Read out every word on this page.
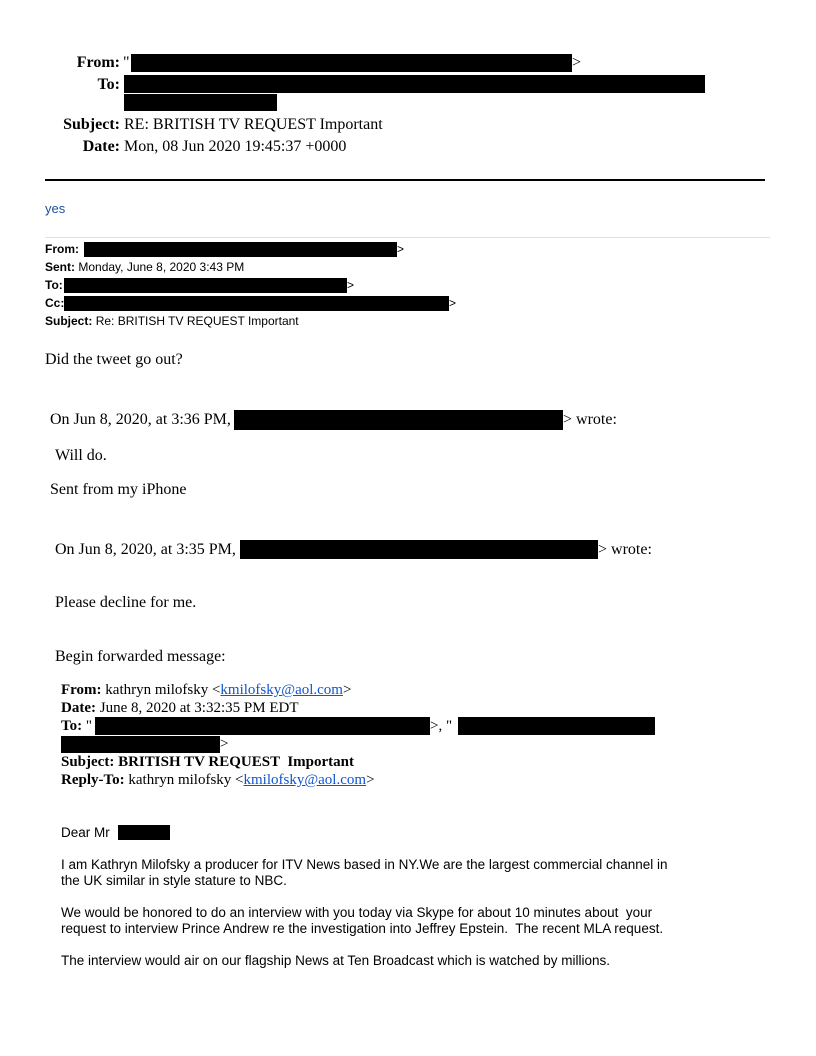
From: "	>
To:
Subject: RE: BRITISH TV REQUEST Important
Date: Mon, 08 Jun 2020 19:45:37 +0000
yes
From:	>
Sent: Monday, June 8, 2020 3:43 PM
To:	>
Cc:	>
Subject: Re: BRITISH TV REQUEST Important
Did the tweet go out?
On Jun 8, 2020, at 3:36 PM,	> wrote:
Will do.
Sent from my iPhone
On Jun 8, 2020, at 3:35 PM,	> wrote:
Please decline for me.
Begin forwarded message:
From: kathryn milofsky <kmilofsky@aol.com>
Date: June 8, 2020 at 3:32:35 PM EDT
To: "	>, "
>
Subject: BRITISH TV REQUEST  Important
Reply-To: kathryn milofsky <kmilofsky@aol.com>
Dear Mr
I am Kathryn Milofsky a producer for ITV News based in NY.We are the largest commercial channel in
the UK similar in style stature to NBC.
We would be honored to do an interview with you today via Skype for about 10 minutes about  your
request to interview Prince Andrew re the investigation into Jeffrey Epstein.  The recent MLA request.
The interview would air on our flagship News at Ten Broadcast which is watched by millions.
